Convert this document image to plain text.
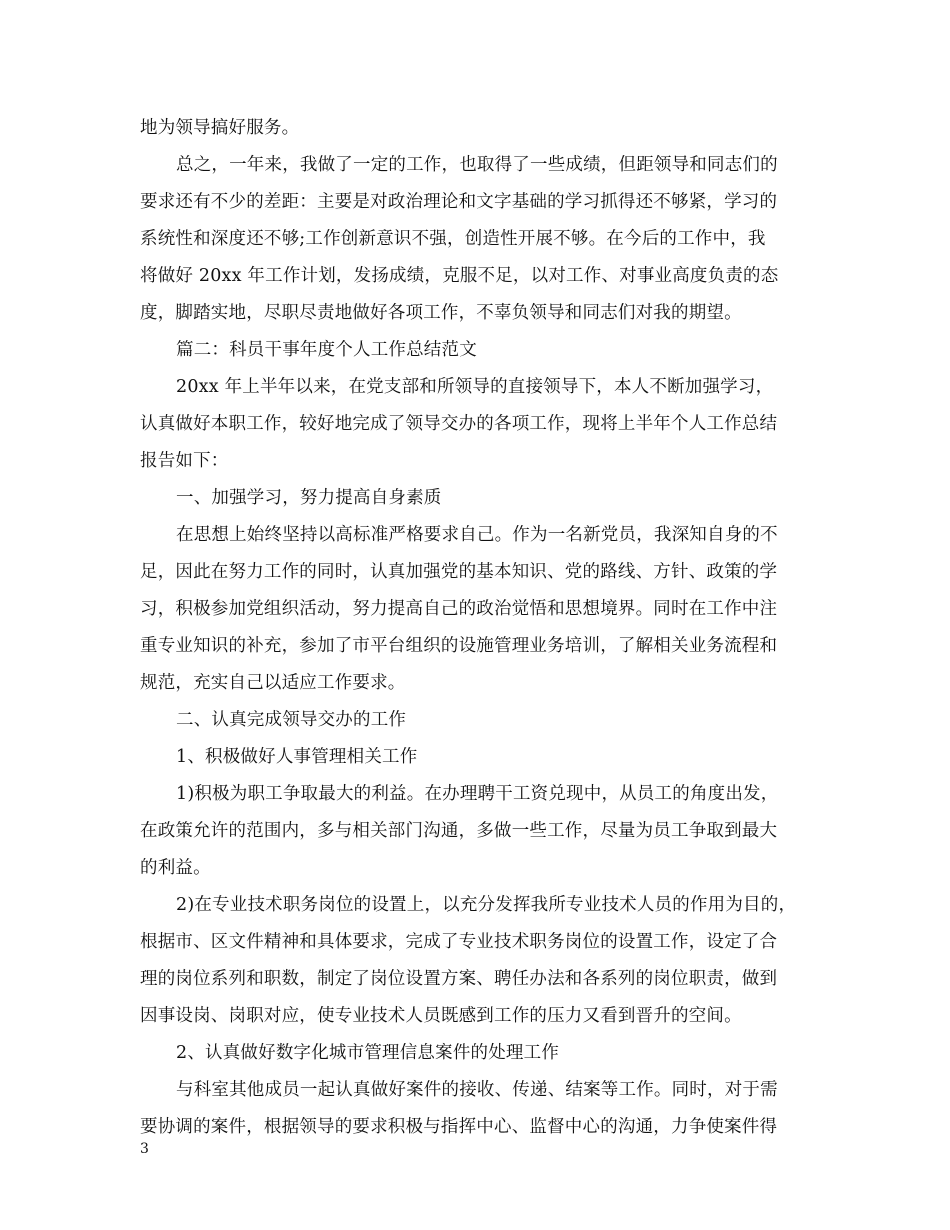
地为领导搞好服务。
总之，一年来，我做了一定的工作，也取得了一些成绩，但距领导和同志们的
要求还有不少的差距：主要是对政治理论和文字基础的学习抓得还不够紧，学习的
系统性和深度还不够;工作创新意识不强，创造性开展不够。在今后的工作中，我
将做好 20xx 年工作计划，发扬成绩，克服不足，以对工作、对事业高度负责的态
度，脚踏实地，尽职尽责地做好各项工作，不辜负领导和同志们对我的期望。
篇二：科员干事年度个人工作总结范文
20xx 年上半年以来，在党支部和所领导的直接领导下，本人不断加强学习，
认真做好本职工作，较好地完成了领导交办的各项工作，现将上半年个人工作总结
报告如下：
一、加强学习，努力提高自身素质
在思想上始终坚持以高标准严格要求自己。作为一名新党员，我深知自身的不
足，因此在努力工作的同时，认真加强党的基本知识、党的路线、方针、政策的学
习，积极参加党组织活动，努力提高自己的政治觉悟和思想境界。同时在工作中注
重专业知识的补充，参加了市平台组织的设施管理业务培训，了解相关业务流程和
规范，充实自己以适应工作要求。
二、认真完成领导交办的工作
1、积极做好人事管理相关工作
1)积极为职工争取最大的利益。在办理聘干工资兑现中，从员工的角度出发，
在政策允许的范围内，多与相关部门沟通，多做一些工作，尽量为员工争取到最大
的利益。
2)在专业技术职务岗位的设置上，以充分发挥我所专业技术人员的作用为目的，
根据市、区文件精神和具体要求，完成了专业技术职务岗位的设置工作，设定了合
理的岗位系列和职数，制定了岗位设置方案、聘任办法和各系列的岗位职责，做到
因事设岗、岗职对应，使专业技术人员既感到工作的压力又看到晋升的空间。
2、认真做好数字化城市管理信息案件的处理工作
与科室其他成员一起认真做好案件的接收、传递、结案等工作。同时，对于需
要协调的案件，根据领导的要求积极与指挥中心、监督中心的沟通，力争使案件得
3
